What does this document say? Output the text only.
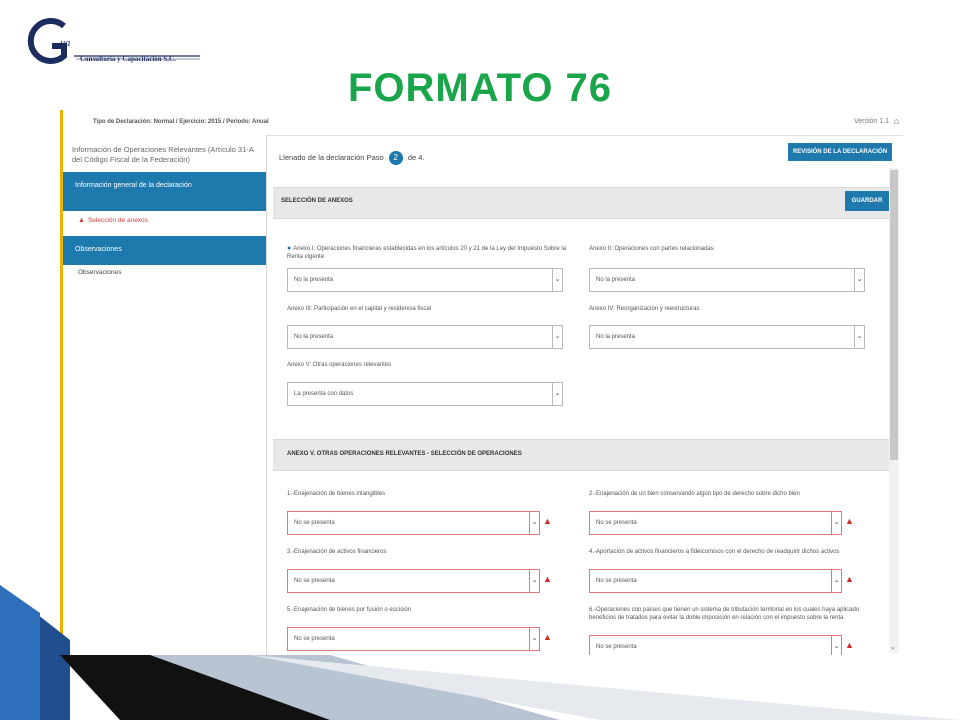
ya
Consultoría y Capacitación S.C.
FORMATO 76
Tipo de Declaración: Normal / Ejercicio: 2015 / Periodo: Anual	Versión 1.1 ⌂
Información de Operaciones Relevantes (Artículo 31-A del Código Fiscal de la Federación)
Información general de la declaración
▲ Selección de anexos
Observaciones
Observaciones
Llenado de la declaración Paso 2 de 4.
REVISIÓN DE LA DECLARACIÓN
SELECCIÓN DE ANEXOS	GUARDAR
● Anexo I: Operaciones financieras establecidas en los artículos 20 y 21 de la Ley del Impuesto Sobre la Renta vigente
No la presenta	⌄
Anexo II: Operaciones con partes relacionadas
No la presenta	⌄
Anexo III: Participación en el capital y residencia fiscal
No la presenta	⌄
Anexo IV: Reorganización y reestructuras
No la presenta	⌄
Anexo V: Otras operaciones relevantes
La presenta con datos	⌄
ANEXO V. OTRAS OPERACIONES RELEVANTES - SELECCIÓN DE OPERACIONES
1.-Enajenación de bienes intangibles
No se presenta	⌄ ▲
2.-Enajenación de un bien conservando algún tipo de derecho sobre dicho bien
No se presenta	⌄ ▲
3.-Enajenación de activos financieros
No se presenta	⌄ ▲
4.-Aportación de activos financieros a fideicomisos con el derecho de readquirir dichos activos
No se presenta	⌄ ▲
5.-Enajenación de bienes por fusión o escisión
No se presenta	⌄ ▲
6.-Operaciones con países que tienen un sistema de tributación territorial en los cuales haya aplicado beneficios de tratados para evitar la doble imposición en relación con el impuesto sobre la renta
No se presenta	⌄ ▲	⌄
